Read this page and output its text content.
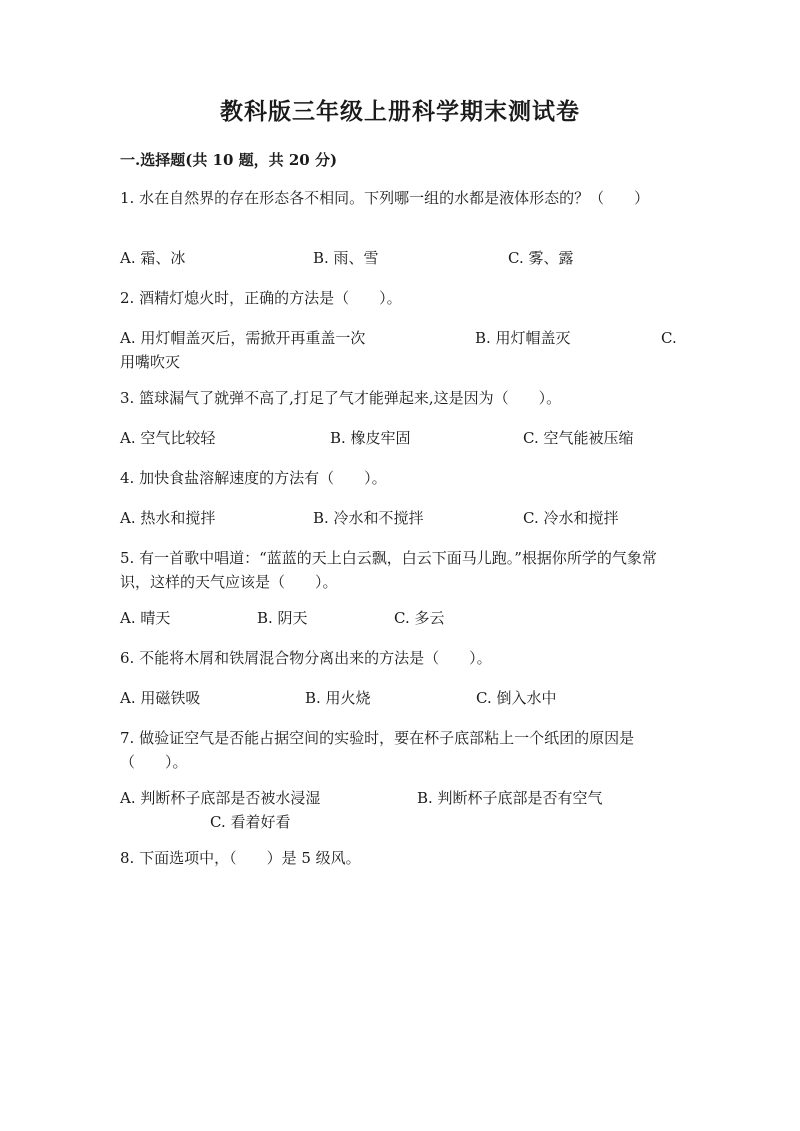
教科版三年级上册科学期末测试卷

一.选择题(共 10 题，共 20 分)

1. 水在自然界的存在形态各不相同。下列哪一组的水都是液体形态的？（　　）

A. 霜、冰	B. 雨、雪	C. 雾、露

2. 酒精灯熄火时，正确的方法是（　　）。

A. 用灯帽盖灭后，需掀开再重盖一次	B. 用灯帽盖灭	C.
用嘴吹灭

3. 篮球漏气了就弹不高了,打足了气才能弹起来,这是因为（　　）。

A. 空气比较轻	B. 橡皮牢固	C. 空气能被压缩

4. 加快食盐溶解速度的方法有（　　）。

A. 热水和搅拌	B. 冷水和不搅拌	C. 冷水和搅拌

5. 有一首歌中唱道：“蓝蓝的天上白云飘，白云下面马儿跑。”根据你所学的气象常识，这样的天气应该是（　　）。

A. 晴天	B. 阴天	C. 多云

6. 不能将木屑和铁屑混合物分离出来的方法是（　　）。

A. 用磁铁吸	B. 用火烧	C. 倒入水中

7. 做验证空气是否能占据空间的实验时，要在杯子底部粘上一个纸团的原因是（　　）。

A. 判断杯子底部是否被水浸湿	B. 判断杯子底部是否有空气
C. 看着好看

8. 下面选项中，（　　）是 5 级风。
